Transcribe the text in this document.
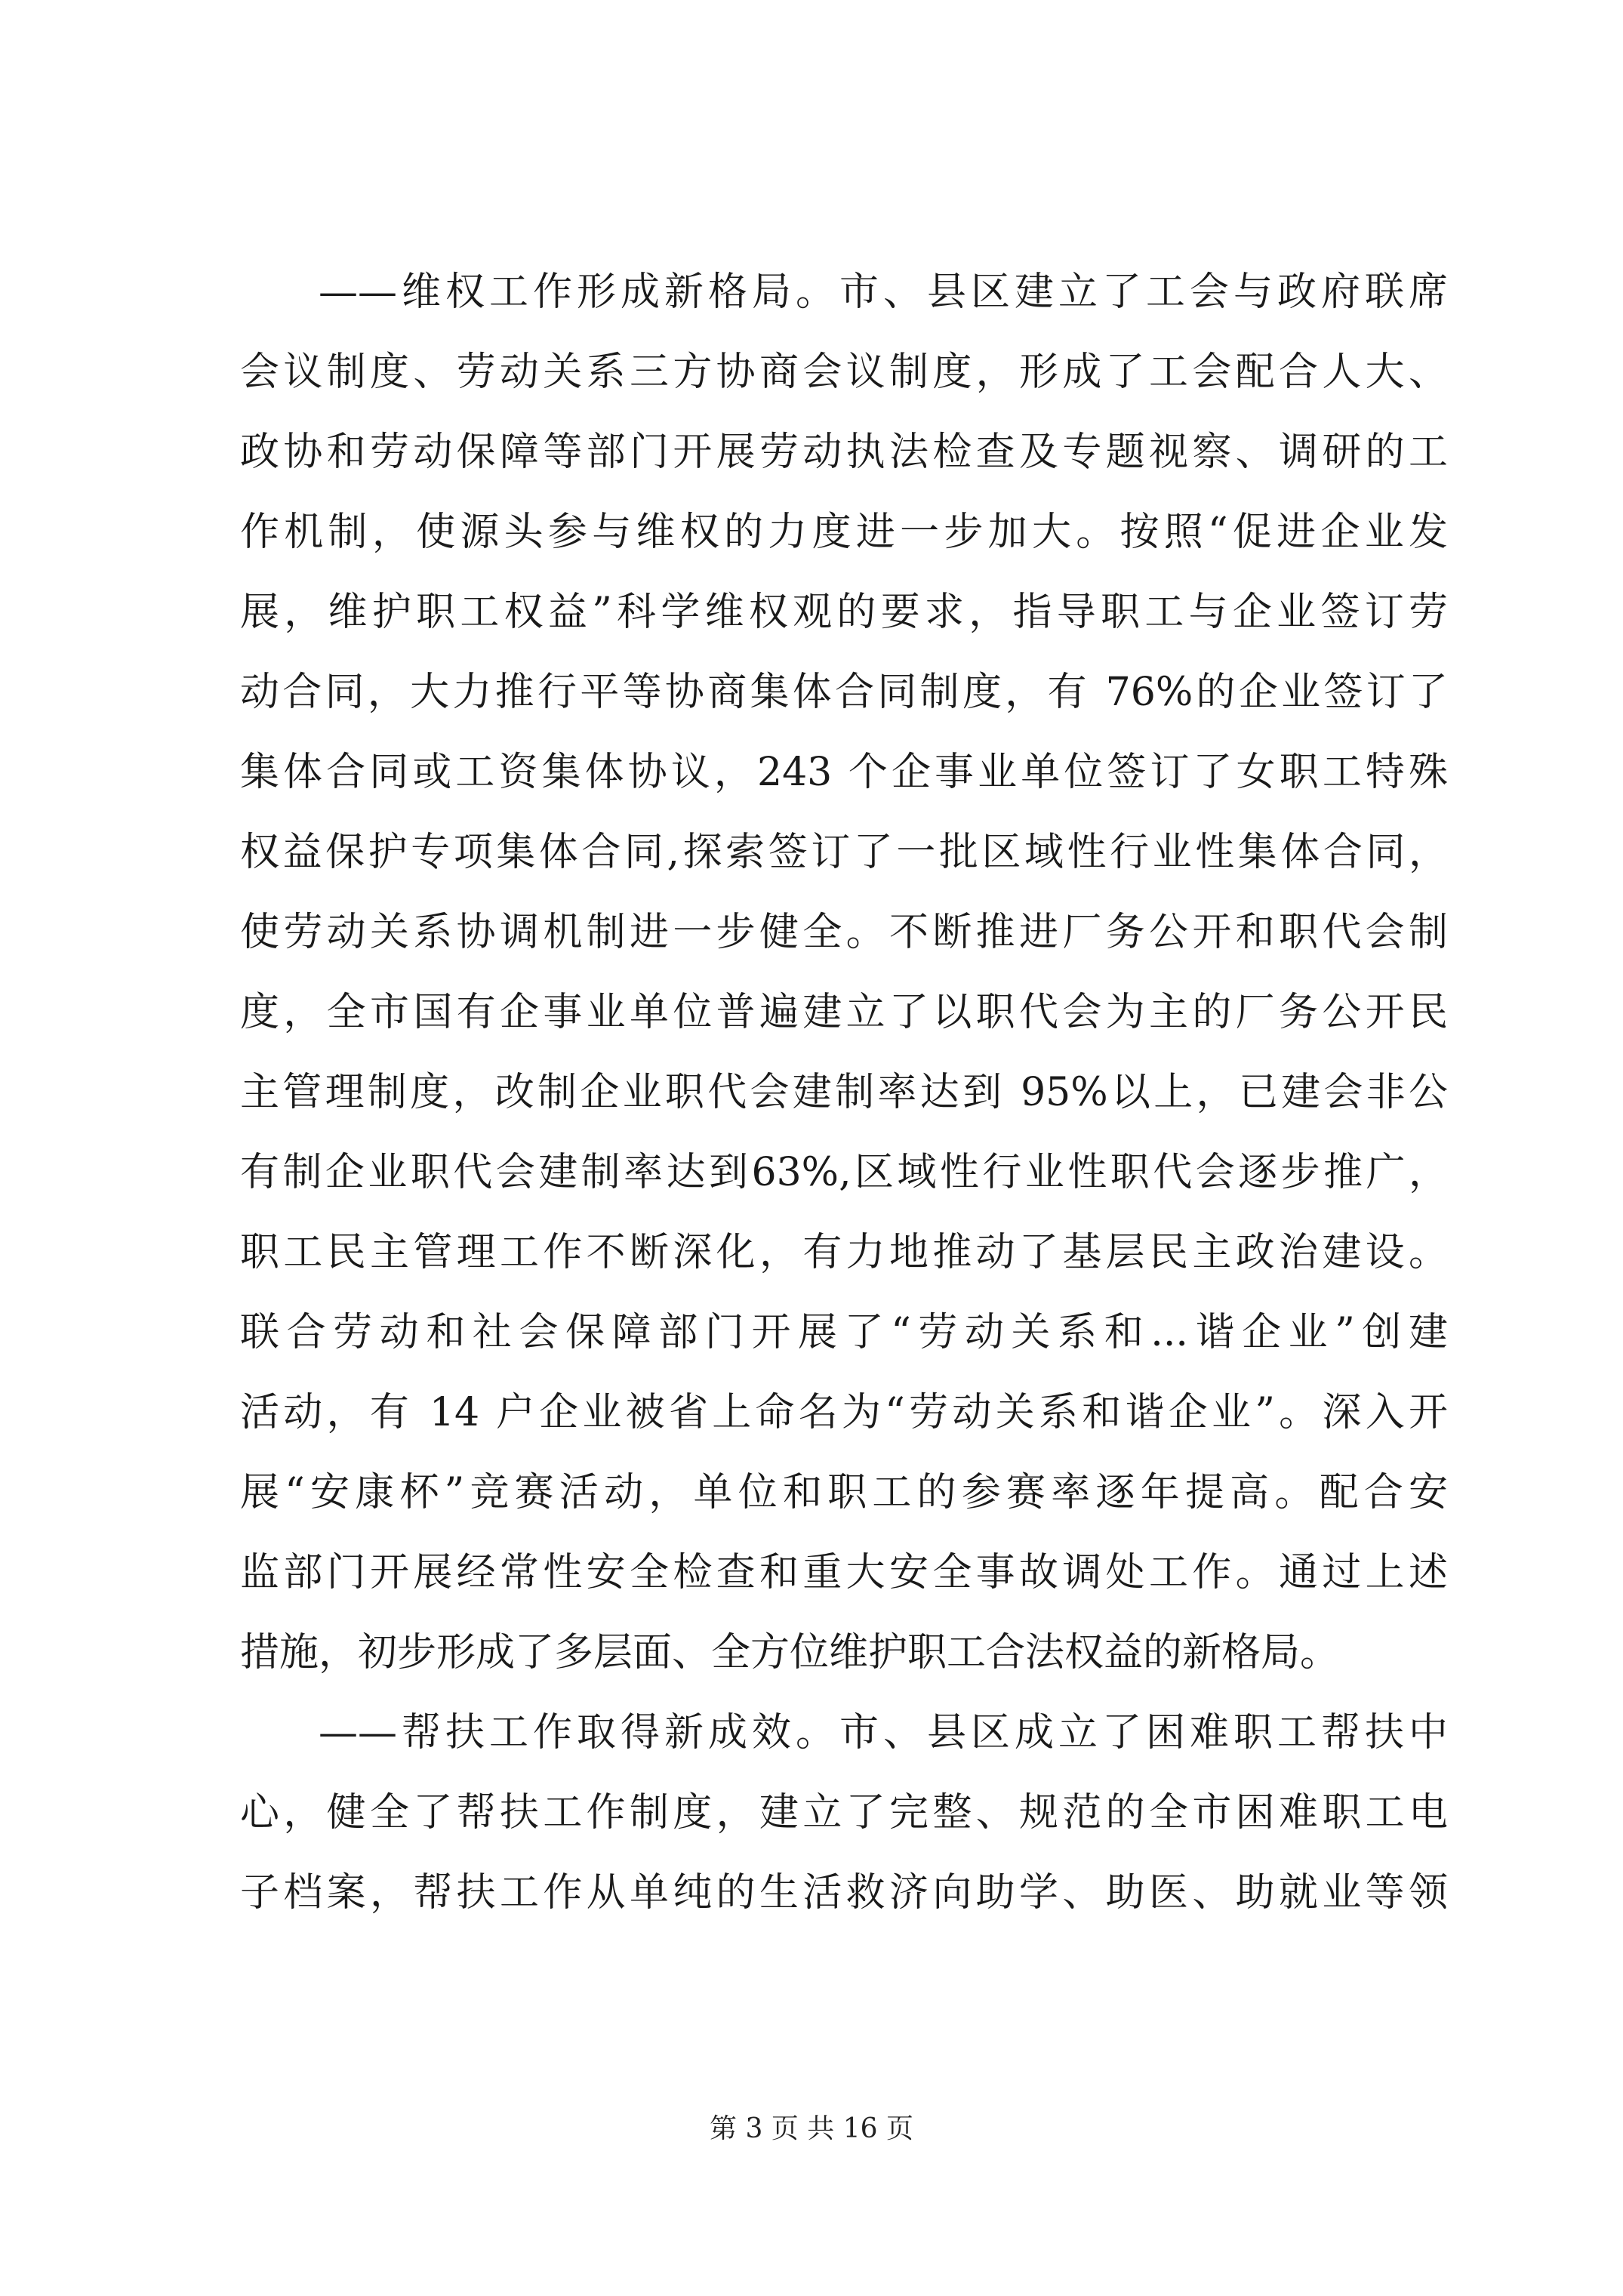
——维权工作形成新格局。市、县区建立了工会与政府联席
会议制度、劳动关系三方协商会议制度，形成了工会配合人大、
政协和劳动保障等部门开展劳动执法检查及专题视察、调研的工
作机制，使源头参与维权的力度进一步加大。按照“促进企业发
展，维护职工权益”科学维权观的要求，指导职工与企业签订劳
动合同，大力推行平等协商集体合同制度，有 76%的企业签订了
集体合同或工资集体协议，243 个企事业单位签订了女职工特殊
权益保护专项集体合同,探索签订了一批区域性行业性集体合同，
使劳动关系协调机制进一步健全。不断推进厂务公开和职代会制
度，全市国有企事业单位普遍建立了以职代会为主的厂务公开民
主管理制度，改制企业职代会建制率达到 95%以上，已建会非公
有制企业职代会建制率达到63%,区域性行业性职代会逐步推广，
职工民主管理工作不断深化，有力地推动了基层民主政治建设。
联合劳动和社会保障部门开展了“劳动关系和...谐企业”创建
活动，有 14 户企业被省上命名为“劳动关系和谐企业”。深入开
展“安康杯”竞赛活动，单位和职工的参赛率逐年提高。配合安
监部门开展经常性安全检查和重大安全事故调处工作。通过上述
措施，初步形成了多层面、全方位维护职工合法权益的新格局。
——帮扶工作取得新成效。市、县区成立了困难职工帮扶中
心，健全了帮扶工作制度，建立了完整、规范的全市困难职工电
子档案，帮扶工作从单纯的生活救济向助学、助医、助就业等领
第 3 页 共 16 页
